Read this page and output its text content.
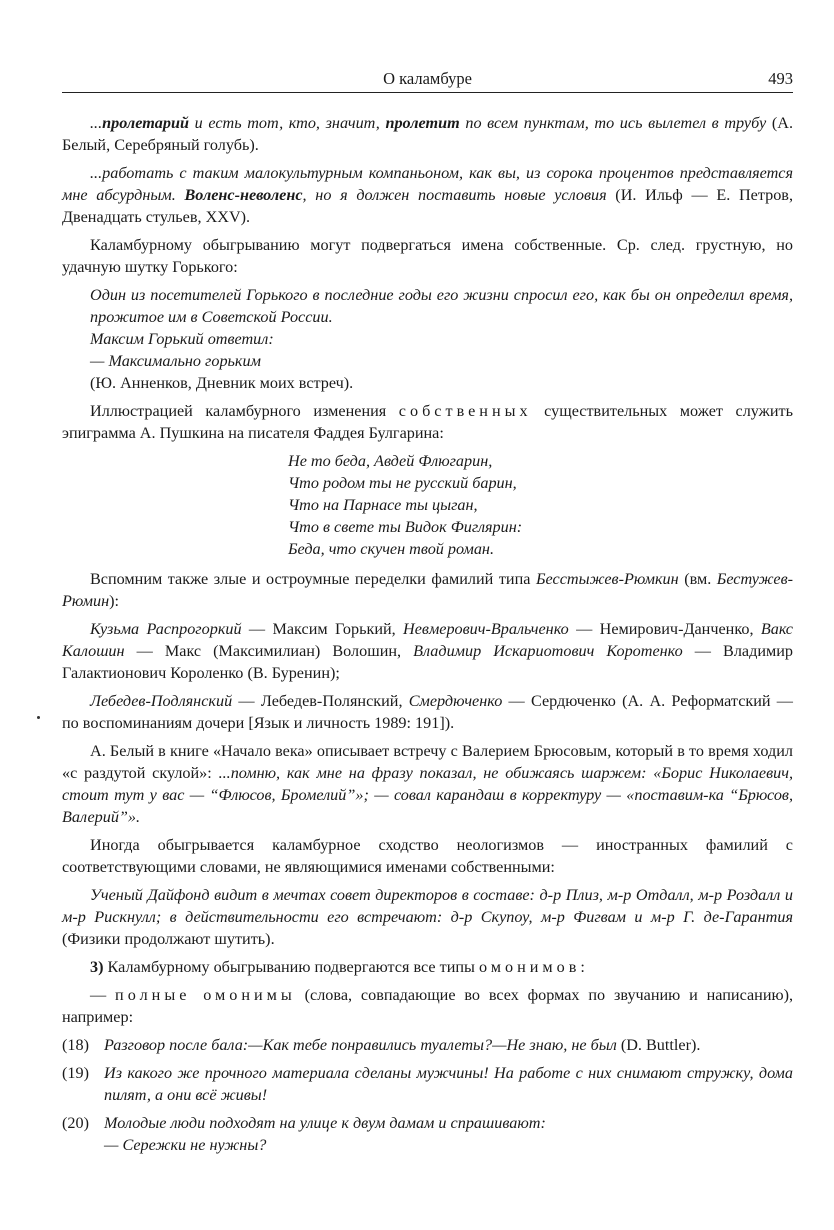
О каламбуре	493

...пролетарий и есть тот, кто, значит, пролетит по всем пунктам, то ись вылетел в трубу (А. Белый, Серебряный голубь).

...работать с таким малокультурным компаньоном, как вы, из сорока процентов представляется мне абсурдным. Воленс-неволенс, но я должен поставить новые условия (И. Ильф — Е. Петров, Двенадцать стульев, XXV).

Каламбурному обыгрыванию могут подвергаться имена собственные. Ср. след. грустную, но удачную шутку Горького:

Один из посетителей Горького в последние годы его жизни спросил его, как бы он определил время, прожитое им в Советской России.
Максим Горький ответил:
— Максимально горьким
(Ю. Анненков, Дневник моих встреч).

Иллюстрацией каламбурного изменения собственных существительных может служить эпиграмма А. Пушкина на писателя Фаддея Булгарина:

Не то беда, Авдей Флюгарин,
Что родом ты не русский барин,
Что на Парнасе ты цыган,
Что в свете ты Видок Фиглярин:
Беда, что скучен твой роман.

Вспомним также злые и остроумные переделки фамилий типа Бесстыжев-Рюмкин (вм. Бестужев-Рюмин):

Кузьма Распрогоркий — Максим Горький, Невмерович-Вральченко — Немирович-Данченко, Вакс Калошин — Макс (Максимилиан) Волошин, Владимир Искариотович Коротенко — Владимир Галактионович Короленко (В. Буренин);

Лебедев-Подлянский — Лебедев-Полянский, Смердюченко — Сердюченко (А. А. Реформатский — по воспоминаниям дочери [Язык и личность 1989: 191]).

А. Белый в книге «Начало века» описывает встречу с Валерием Брюсовым, который в то время ходил «с раздутой скулой»: ...помню, как мне на фразу показал, не обижаясь шаржем: «Борис Николаевич, стоит тут у вас — “Флюсов, Бромелий”»; — совал карандаш в корректуру — «поставим-ка “Брюсов, Валерий”».

Иногда обыгрывается каламбурное сходство неологизмов — иностранных фамилий с соответствующими словами, не являющимися именами собственными:

Ученый Дайфонд видит в мечтах совет директоров в составе: д-р Плиз, м-р Отдалл, м-р Роздалл и м-р Рискнулл; в действительности его встречают: д-р Скупоу, м-р Фигвам и м-р Г. де-Гарантия (Физики продолжают шутить).

3) Каламбурному обыгрыванию подвергаются все типы омонимов:

— полные омонимы (слова, совпадающие во всех формах по звучанию и написанию), например:

(18) Разговор после бала:—Как тебе понравились туалеты?—Не знаю, не был (D. Buttler).
(19) Из какого же прочного материала сделаны мужчины! На работе с них снимают стружку, дома пилят, а они всё живы!
(20) Молодые люди подходят на улице к двум дамам и спрашивают:
— Сережки не нужны?
